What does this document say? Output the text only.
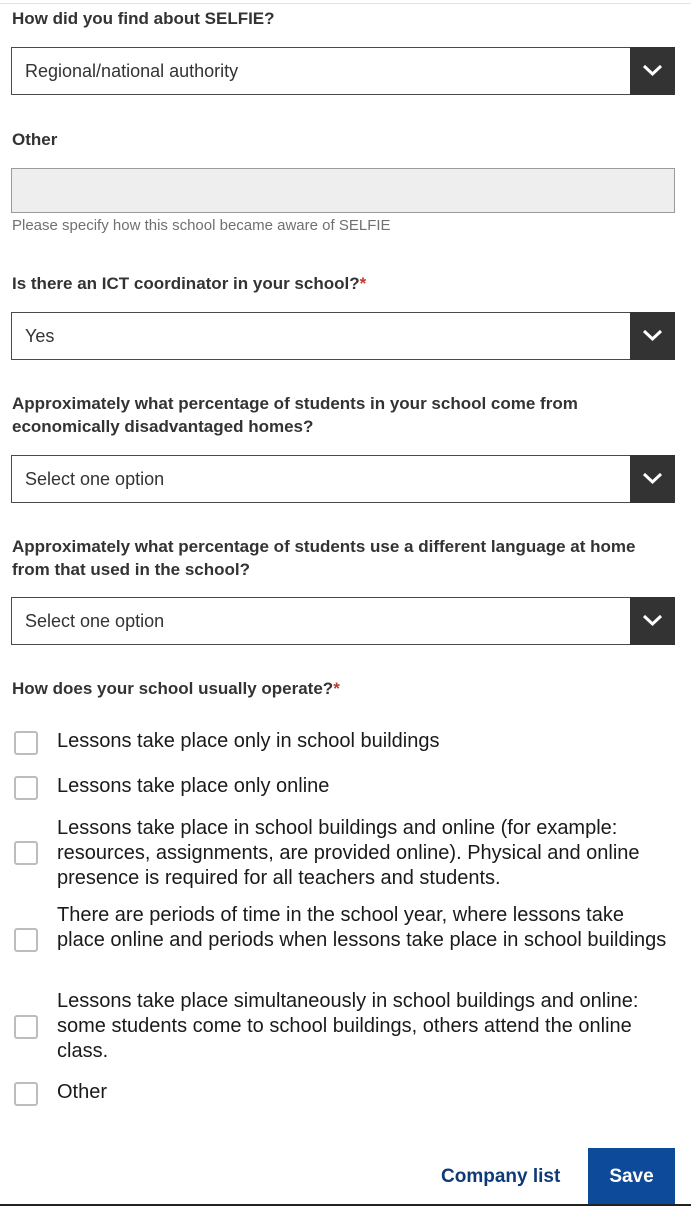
How did you find about SELFIE?
Regional/national authority
Other
Please specify how this school became aware of SELFIE
Is there an ICT coordinator in your school?*
Yes
Approximately what percentage of students in your school come from economically disadvantaged homes?
Select one option
Approximately what percentage of students use a different language at home from that used in the school?
Select one option
How does your school usually operate?*
Lessons take place only in school buildings
Lessons take place only online
Lessons take place in school buildings and online (for example: resources, assignments, are provided online). Physical and online presence is required for all teachers and students.
There are periods of time in the school year, where lessons take place online and periods when lessons take place in school buildings
Lessons take place simultaneously in school buildings and online: some students come to school buildings, others attend the online class.
Other
Company list	Save
